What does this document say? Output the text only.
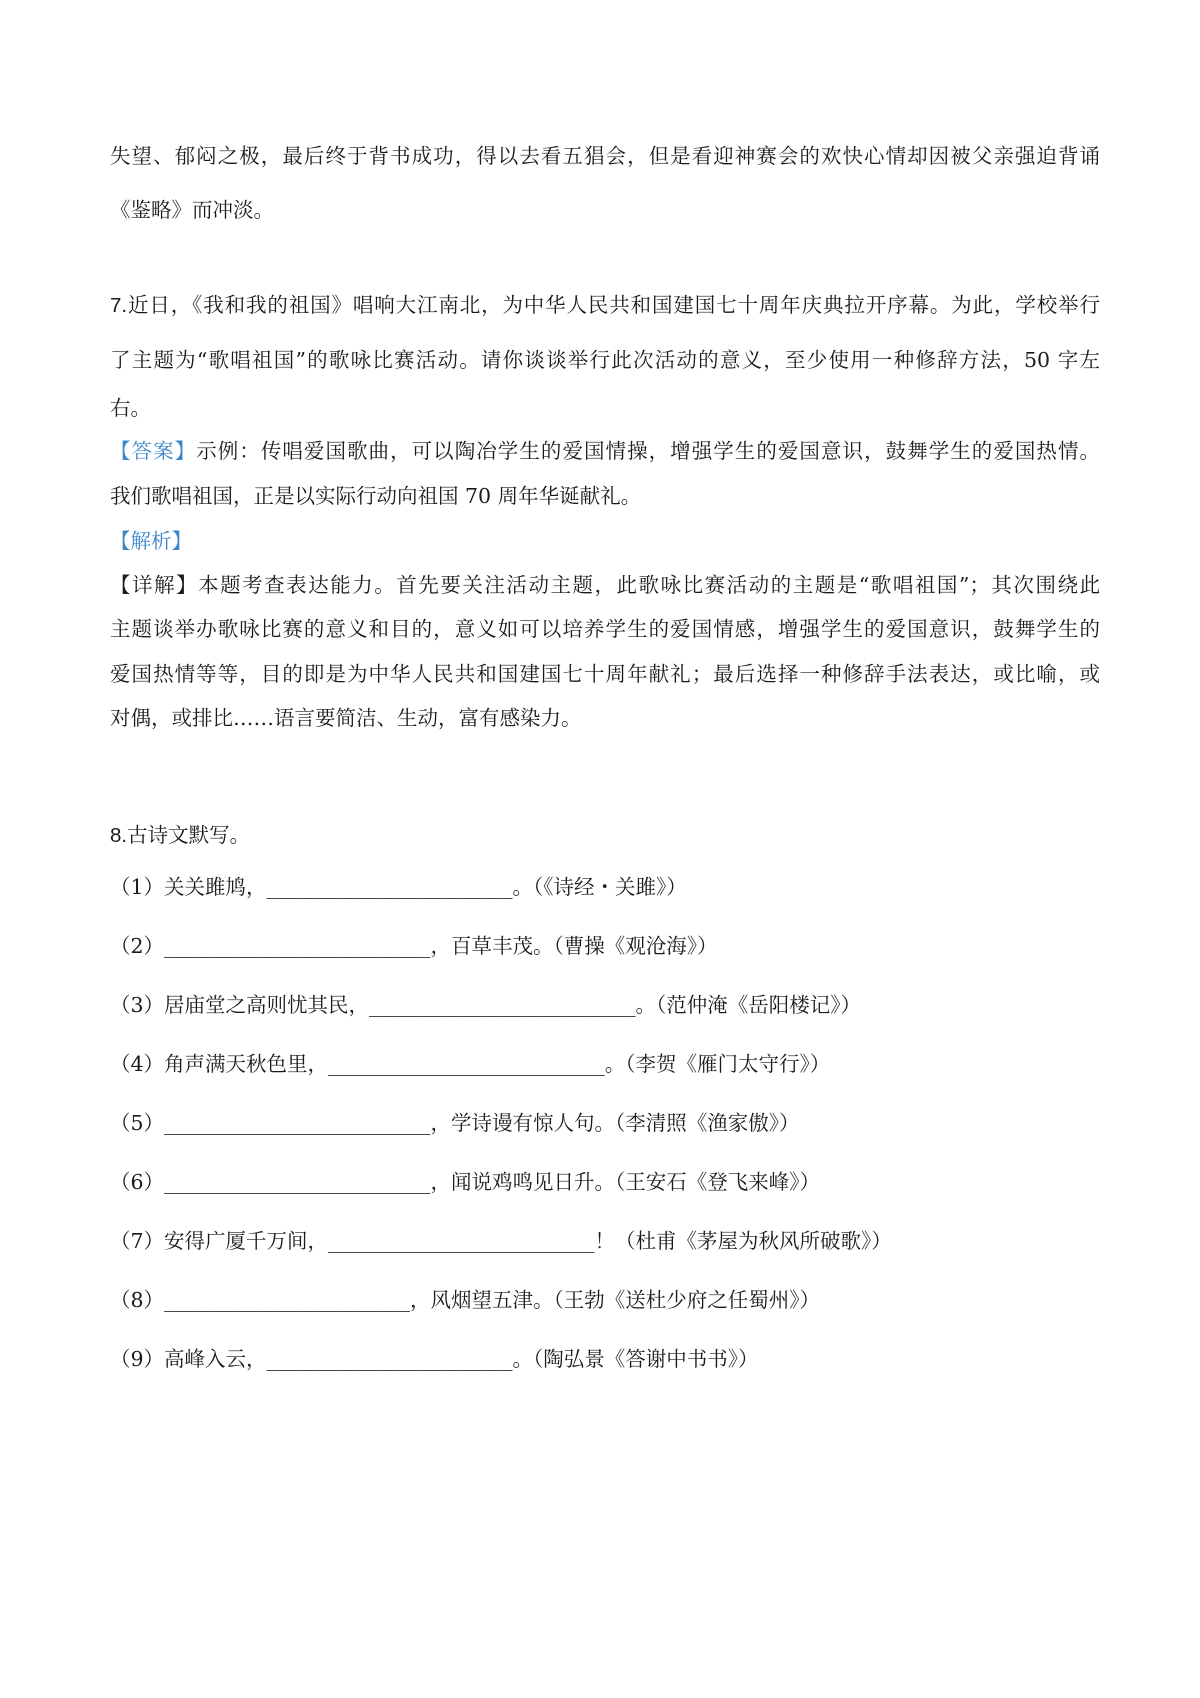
失望、郁闷之极，最后终于背书成功，得以去看五猖会，但是看迎神赛会的欢快心情却因被父亲强迫背诵
《鉴略》而冲淡。
7.近日，《我和我的祖国》唱响大江南北，为中华人民共和国建国七十周年庆典拉开序幕。为此，学校举行
了主题为“歌唱祖国”的歌咏比赛活动。请你谈谈举行此次活动的意义，至少使用一种修辞方法，50 字左
右。
【答案】示例：传唱爱国歌曲，可以陶冶学生的爱国情操，增强学生的爱国意识，鼓舞学生的爱国热情。
我们歌唱祖国，正是以实际行动向祖国 70 周年华诞献礼。
【解析】
【详解】本题考查表达能力。首先要关注活动主题，此歌咏比赛活动的主题是“歌唱祖国”；其次围绕此
主题谈举办歌咏比赛的意义和目的，意义如可以培养学生的爱国情感，增强学生的爱国意识，鼓舞学生的
爱国热情等等，目的即是为中华人民共和国建国七十周年献礼；最后选择一种修辞手法表达，或比喻，或
对偶，或排比……语言要简洁、生动，富有感染力。
8.古诗文默写。
（1）关关雎鸠，________________________。（《诗经・关雎》）
（2）__________________________，百草丰茂。（曹操《观沧海》）
（3）居庙堂之高则忧其民，__________________________。（范仲淹《岳阳楼记》）
（4）角声满天秋色里，___________________________。（李贺《雁门太守行》）
（5）__________________________，学诗谩有惊人句。（李清照《渔家傲》）
（6）__________________________，闻说鸡鸣见日升。（王安石《登飞来峰》）
（7）安得广厦千万间，__________________________！（杜甫《茅屋为秋风所破歌》）
（8）________________________，风烟望五津。（王勃《送杜少府之任蜀州》）
（9）高峰入云，________________________。（陶弘景《答谢中书书》）
